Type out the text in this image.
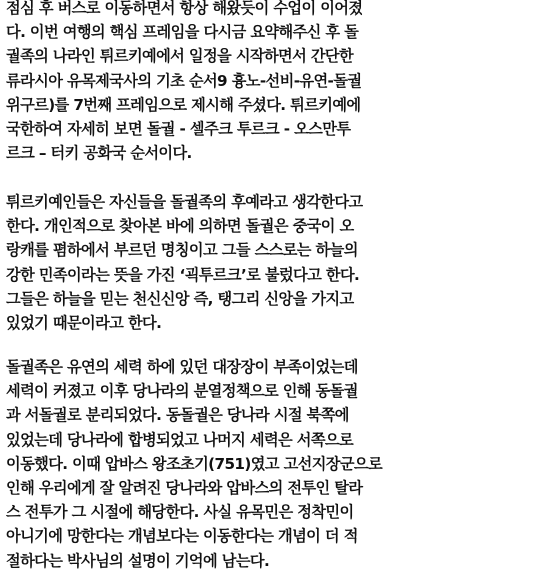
점심 후 버스로 이동하면서 항상 해왔듯이 수업이 이어졌
다. 이번 여행의 핵심 프레임을 다시금 요약해주신 후 돌
궐족의 나라인 튀르키예에서 일정을 시작하면서 간단한
류라시아 유목제국사의 기초 순서9 흉노-선비-유연-돌궐
위구르)를 7번째 프레임으로 제시해 주셨다. 튀르키예에
국한하여 자세히 보면 돌궐 - 셀주크 투르크 - 오스만투
르크 – 터키 공화국 순서이다.
튀르키예인들은 자신들을 돌궐족의 후예라고 생각한다고
한다. 개인적으로 찾아본 바에 의하면 돌궐은 중국이 오
랑캐를 폄하에서 부르던 명칭이고 그들 스스로는 하늘의
강한 민족이라는 뜻을 가진 ‘괵투르크’로 불렀다고 한다.
그들은 하늘을 믿는 천신신앙 즉, 탱그리 신앙을 가지고
있었기 때문이라고 한다.
돌궐족은 유연의 세력 하에 있던 대장장이 부족이었는데
세력이 커졌고 이후 당나라의 분열정책으로 인해 동돌궐
과 서돌궐로 분리되었다. 동돌궐은 당나라 시절 북쪽에
있었는데 당나라에 합병되었고 나머지 세력은 서쪽으로
이동했다. 이때 압바스 왕조초기(751)였고 고선지장군으로
인해 우리에게 잘 알려진 당나라와 압바스의 전투인 탈라
스 전투가 그 시절에 해당한다. 사실 유목민은 정착민이
아니기에 망한다는 개념보다는 이동한다는 개념이 더 적
절하다는 박사님의 설명이 기억에 남는다.
